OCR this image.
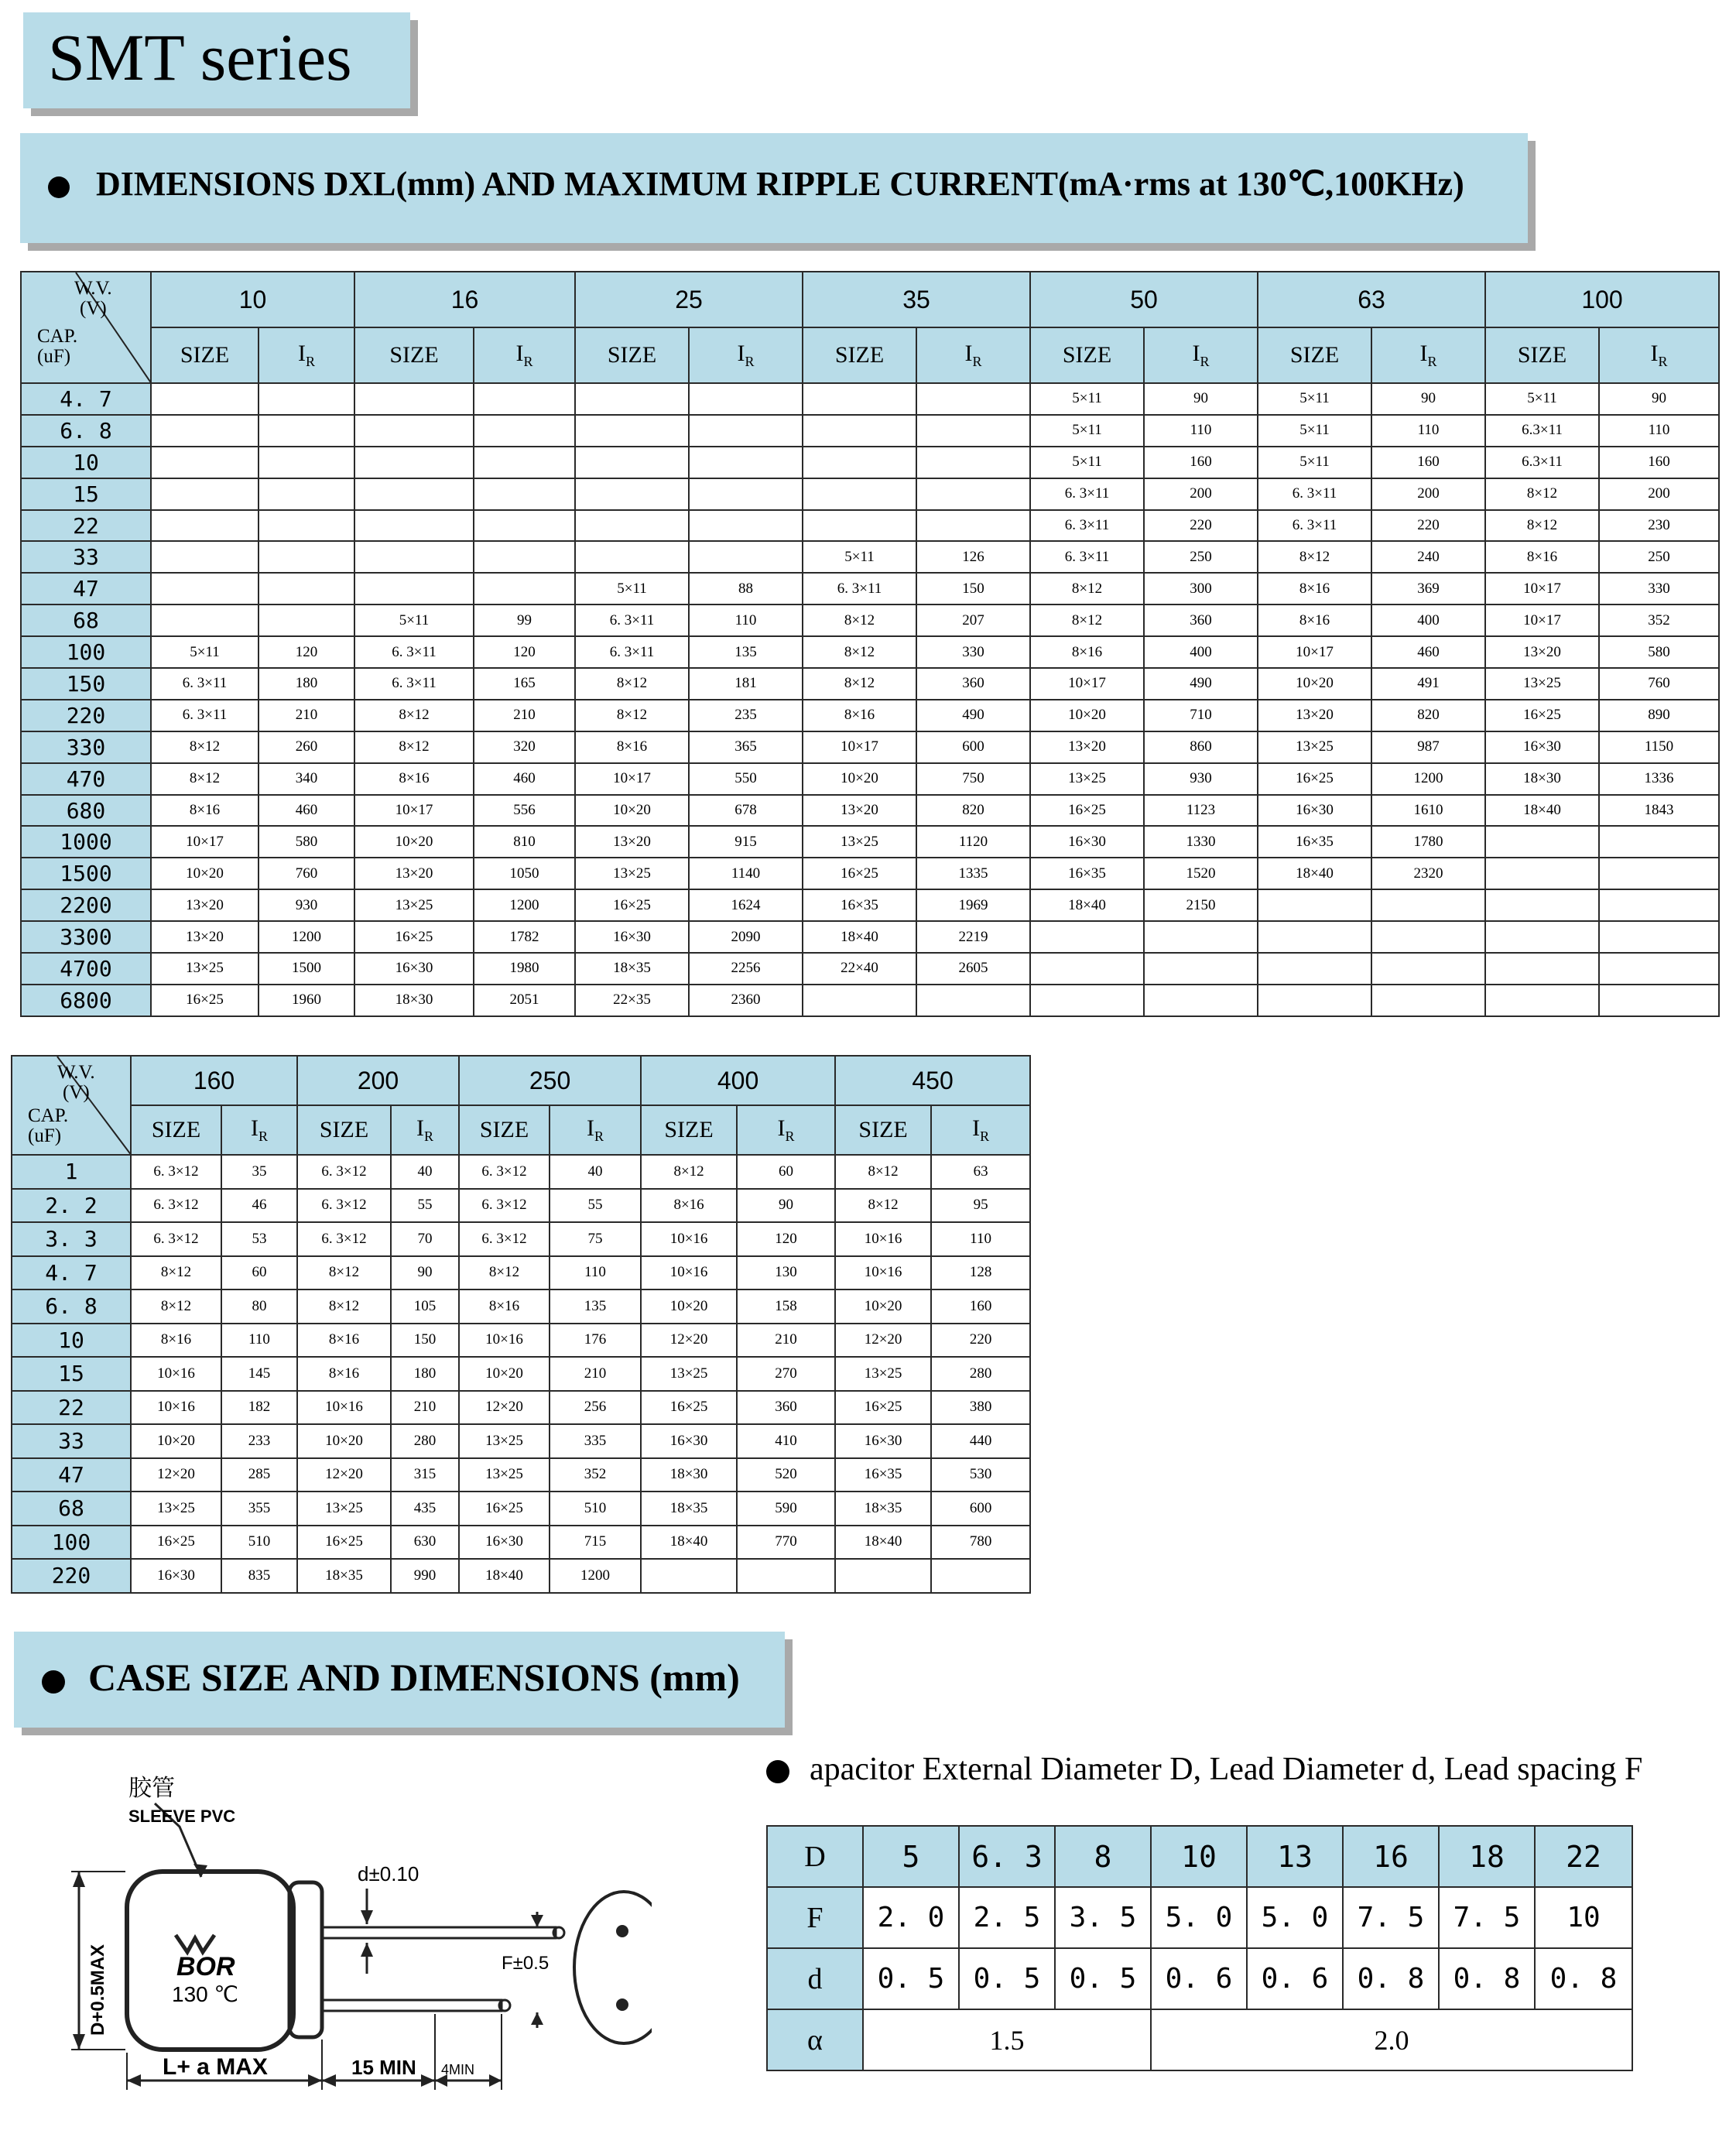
SMT series
DIMENSIONS DXL(mm) AND MAXIMUM RIPPLE CURRENT(mA·rms at 130℃,100KHz)
W.V.
(V)
CAP.
(uF)	10		16		25		35		50		63		100	
	SIZE	$I_R$	SIZE	$I_R$	SIZE	$I_R$	SIZE	$I_R$	SIZE	$I_R$	SIZE	$I_R$	SIZE	$I_R$
4. 7									5×11	90	5×11	90	5×11	90
6. 8									5×11	110	5×11	110	6.3×11	110
10									5×11	160	5×11	160	6.3×11	160
15									6. 3×11	200	6. 3×11	200	8×12	200
22									6. 3×11	220	6. 3×11	220	8×12	230
33							5×11	126	6. 3×11	250	8×12	240	8×16	250
47					5×11	88	6. 3×11	150	8×12	300	8×16	369	10×17	330
68			5×11	99	6. 3×11	110	8×12	207	8×12	360	8×16	400	10×17	352
100	5×11	120	6. 3×11	120	6. 3×11	135	8×12	330	8×16	400	10×17	460	13×20	580
150	6. 3×11	180	6. 3×11	165	8×12	181	8×12	360	10×17	490	10×20	491	13×25	760
220	6. 3×11	210	8×12	210	8×12	235	8×16	490	10×20	710	13×20	820	16×25	890
330	8×12	260	8×12	320	8×16	365	10×17	600	13×20	860	13×25	987	16×30	1150
470	8×12	340	8×16	460	10×17	550	10×20	750	13×25	930	16×25	1200	18×30	1336
680	8×16	460	10×17	556	10×20	678	13×20	820	16×25	1123	16×30	1610	18×40	1843
1000	10×17	580	10×20	810	13×20	915	13×25	1120	16×30	1330	16×35	1780		
1500	10×20	760	13×20	1050	13×25	1140	16×25	1335	16×35	1520	18×40	2320		
2200	13×20	930	13×25	1200	16×25	1624	16×35	1969	18×40	2150				
3300	13×20	1200	16×25	1782	16×30	2090	18×40	2219						
4700	13×25	1500	16×30	1980	18×35	2256	22×40	2605						
6800	16×25	1960	18×30	2051	22×35	2360								
W.V.
(V)
CAP.
(uF)	160		200		250		400		450	
	SIZE	$I_R$	SIZE	$I_R$	SIZE	$I_R$	SIZE	$I_R$	SIZE	$I_R$
1	6. 3×12	35	6. 3×12	40	6. 3×12	40	8×12	60	8×12	63
2. 2	6. 3×12	46	6. 3×12	55	6. 3×12	55	8×16	90	8×12	95
3. 3	6. 3×12	53	6. 3×12	70	6. 3×12	75	10×16	120	10×16	110
4. 7	8×12	60	8×12	90	8×12	110	10×16	130	10×16	128
6. 8	8×12	80	8×12	105	8×16	135	10×20	158	10×20	160
10	8×16	110	8×16	150	10×16	176	12×20	210	12×20	220
15	10×16	145	8×16	180	10×20	210	13×25	270	13×25	280
22	10×16	182	10×16	210	12×20	256	16×25	360	16×25	380
33	10×20	233	10×20	280	13×25	335	16×30	410	16×30	440
47	12×20	285	12×20	315	13×25	352	18×30	520	16×35	530
68	13×25	355	13×25	435	16×25	510	18×35	590	18×35	600
100	16×25	510	16×25	630	16×30	715	18×40	770	18×40	780
220	16×30	835	18×35	990	18×40	1200				
CASE SIZE AND DIMENSIONS (mm)
胶管
SLEEVE PVC
d±0.10
BOR
130 ℃
D+0.5MAX
L+ a MAX	15 MIN 4MIN
F±0.5
apacitor External Diameter D, Lead Diameter d, Lead spacing F
D	5	6. 3	8	10	13	16	18	22
F	2. 0	2. 5	3. 5	5. 0	5. 0	7. 5	7. 5	10
d	0. 5	0. 5	0. 5	0. 6	0. 6	0. 8	0. 8	0. 8
α	1.5			2.0				
